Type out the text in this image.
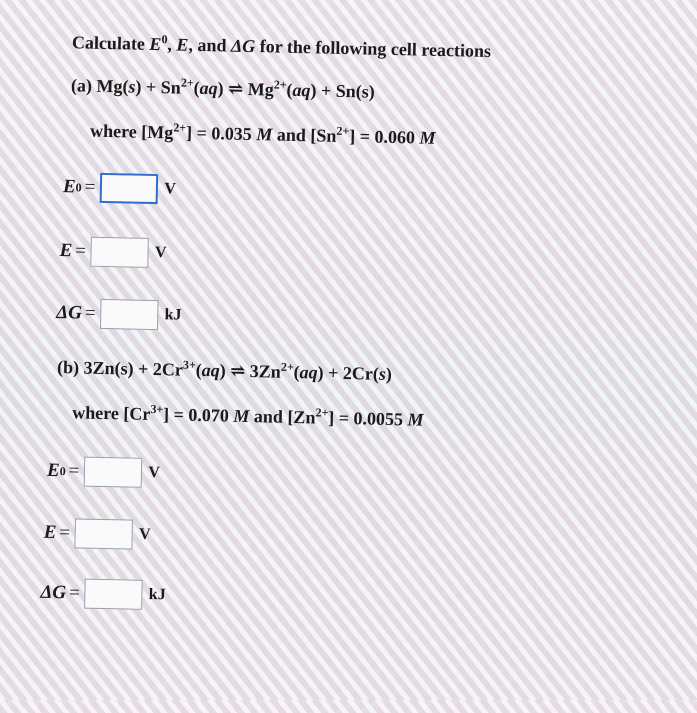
Calculate $E^0$, E, and ΔG for the following cell reactions
(a) $Mg(s) + Sn^{2+}(aq)$ ⇌ $Mg^{2+}(aq) + Sn(s)$
where $[Mg^{2+}] = 0.035$ M and $[Sn^{2+}] = 0.060$ M
E 0 =	V
E =	V
ΔG =	kJ
(b) $3Zn(s) + 2Cr^{3+}(aq)$ ⇌ $3Zn^{2+}(aq) + 2Cr(s)$
where $[Cr^{3+}] = 0.070$ M and $[Zn^{2+}] = 0.0055$ M
E 0 =	V
E =	V
ΔG =	kJ
